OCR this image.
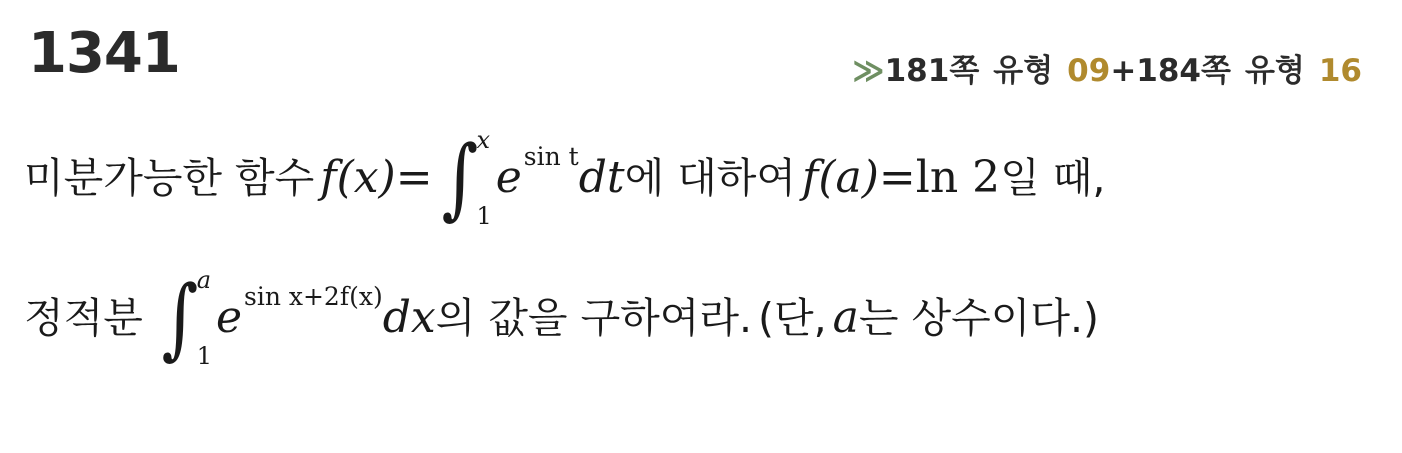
1341	≫ 181쪽 유형 09 + 184쪽 유형 16
미분가능한 함수 f(x) = ∫
x
1
e sin t dt 에 대하여 f(a) = ln 2 일 때,
정적분 ∫
a
1
e sin x+2f(x) dx 의 값을 구하여라. (단, a 는 상수이다.)
